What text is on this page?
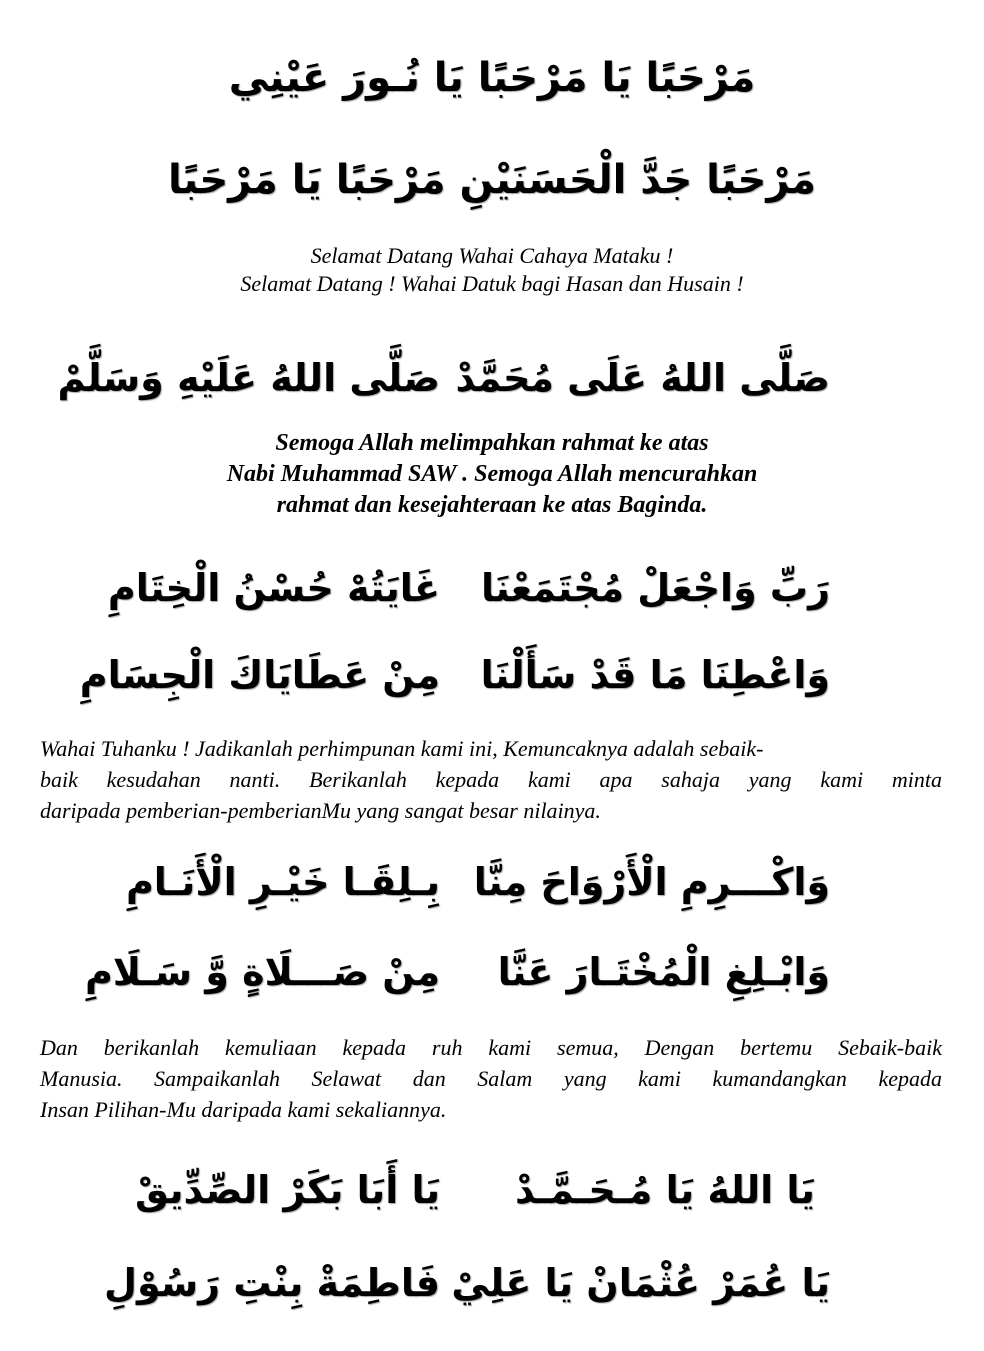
مَرْحَبًا يَا مَرْحَبًا يَا نُـورَ عَيْنِي
مَرْحَبًا جَدَّ الْحَسَنَيْنِ مَرْحَبًا يَا مَرْحَبًا
Selamat Datang Wahai Cahaya Mataku !
Selamat Datang ! Wahai Datuk bagi Hasan dan Husain !
صَلَّى اللهُ عَلَى مُحَمَّدْ
صَلَّى اللهُ عَلَيْهِ وَسَلَّمْ
Semoga Allah melimpahkan rahmat ke atas
Nabi Muhammad SAW . Semoga Allah mencurahkan
rahmat dan kesejahteraan ke atas Baginda.
رَبِّ وَاجْعَلْ مُجْتَمَعْنَا
غَايَتُهْ حُسْنُ الْخِتَامِ
وَاعْطِنَا مَا قَدْ سَأَلْنَا
مِنْ عَطَايَاكَ الْجِسَامِ
Wahai Tuhanku ! Jadikanlah perhimpunan kami ini, Kemuncaknya adalah sebaik-
baik kesudahan nanti. Berikanlah kepada kami apa sahaja yang kami minta
daripada pemberian-pemberianMu yang sangat besar nilainya.
وَاكْـــرِمِ الْأَرْوَاحَ مِنَّا
بِـلِقَـا خَيْـرِ الْأَنَـامِ
وَابْـلِغِ الْمُخْتَـارَ عَنَّا
مِنْ صَـــلَاةٍ وَّ سَـلَامِ
Dan berikanlah kemuliaan kepada ruh kami semua, Dengan bertemu Sebaik-baik
Manusia. Sampaikanlah Selawat dan Salam yang kami kumandangkan kepada
Insan Pilihan-Mu daripada kami sekaliannya.
يَا اللهُ يَا مُـحَـمَّـدْ
يَا أَبَا بَكَرْ الصِّدِّيقْ
يَا عُمَرْ عُثْمَانْ يَا عَلِيْ
فَاطِمَةْ بِنْتِ رَسُوْلِ
